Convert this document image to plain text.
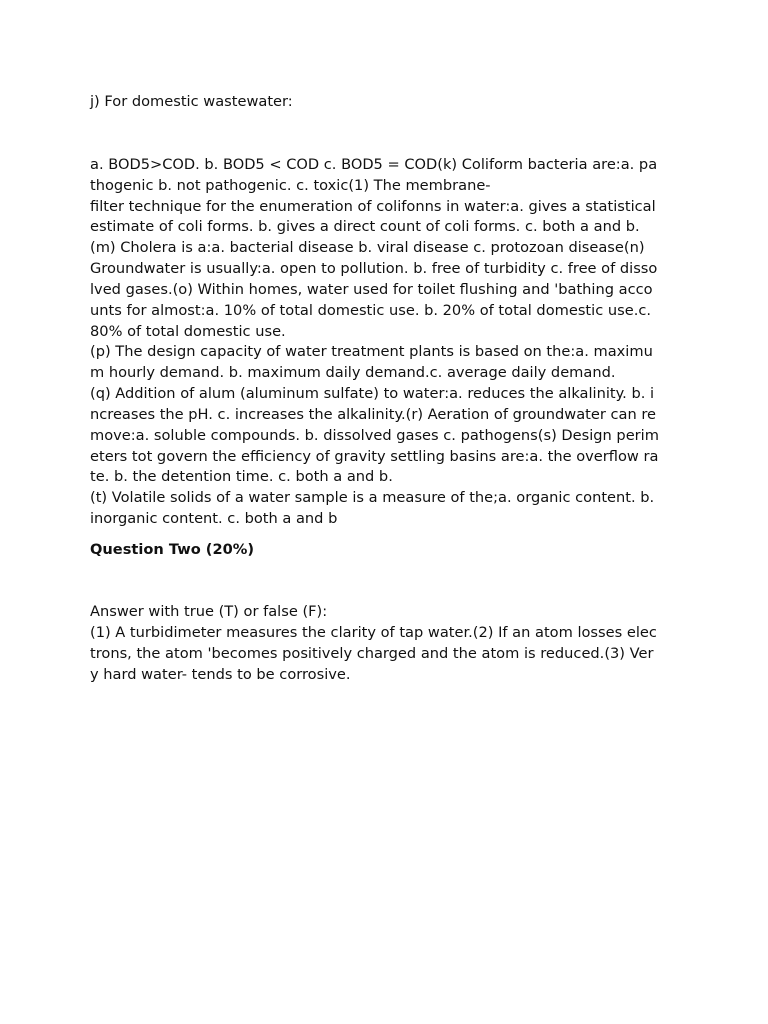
j) For domestic wastewater:
a. BOD5>COD. b. BOD5 < COD c. BOD5 = COD(k) Coliform bacteria are:a. pa
thogenic b. not pathogenic. c. toxic(1) The membrane-
filter technique for the enumeration of colifonns in water:a. gives a statistical
estimate of coli forms. b. gives a direct count of coli forms. c. both a and b.
(m) Cholera is a:a. bacterial disease b. viral disease c. protozoan disease(n)
Groundwater is usually:a. open to pollution. b. free of turbidity c. free of disso
lved gases.(o) Within homes, water used for toilet flushing and 'bathing acco
unts for almost:a. 10% of total domestic use. b. 20% of total domestic use.c.
80% of total domestic use.
(p) The design capacity of water treatment plants is based on the:a. maximu
m hourly demand. b. maximum daily demand.c. average daily demand.
(q) Addition of alum (aluminum sulfate) to water:a. reduces the alkalinity. b. i
ncreases the pH. c. increases the alkalinity.(r) Aeration of groundwater can re
move:a. soluble compounds. b. dissolved gases c. pathogens(s) Design perim
eters tot govern the efficiency of gravity settling basins are:a. the overflow ra
te. b. the detention time. c. both a and b.
(t) Volatile solids of a water sample is a measure of the;a. organic content. b.
inorganic content. c. both a and b
Question Two (20%)
Answer with true (T) or false (F):
(1) A turbidimeter measures the clarity of tap water.(2) If an atom losses elec
trons, the atom 'becomes positively charged and the atom is reduced.(3) Ver
y hard water- tends to be corrosive.
